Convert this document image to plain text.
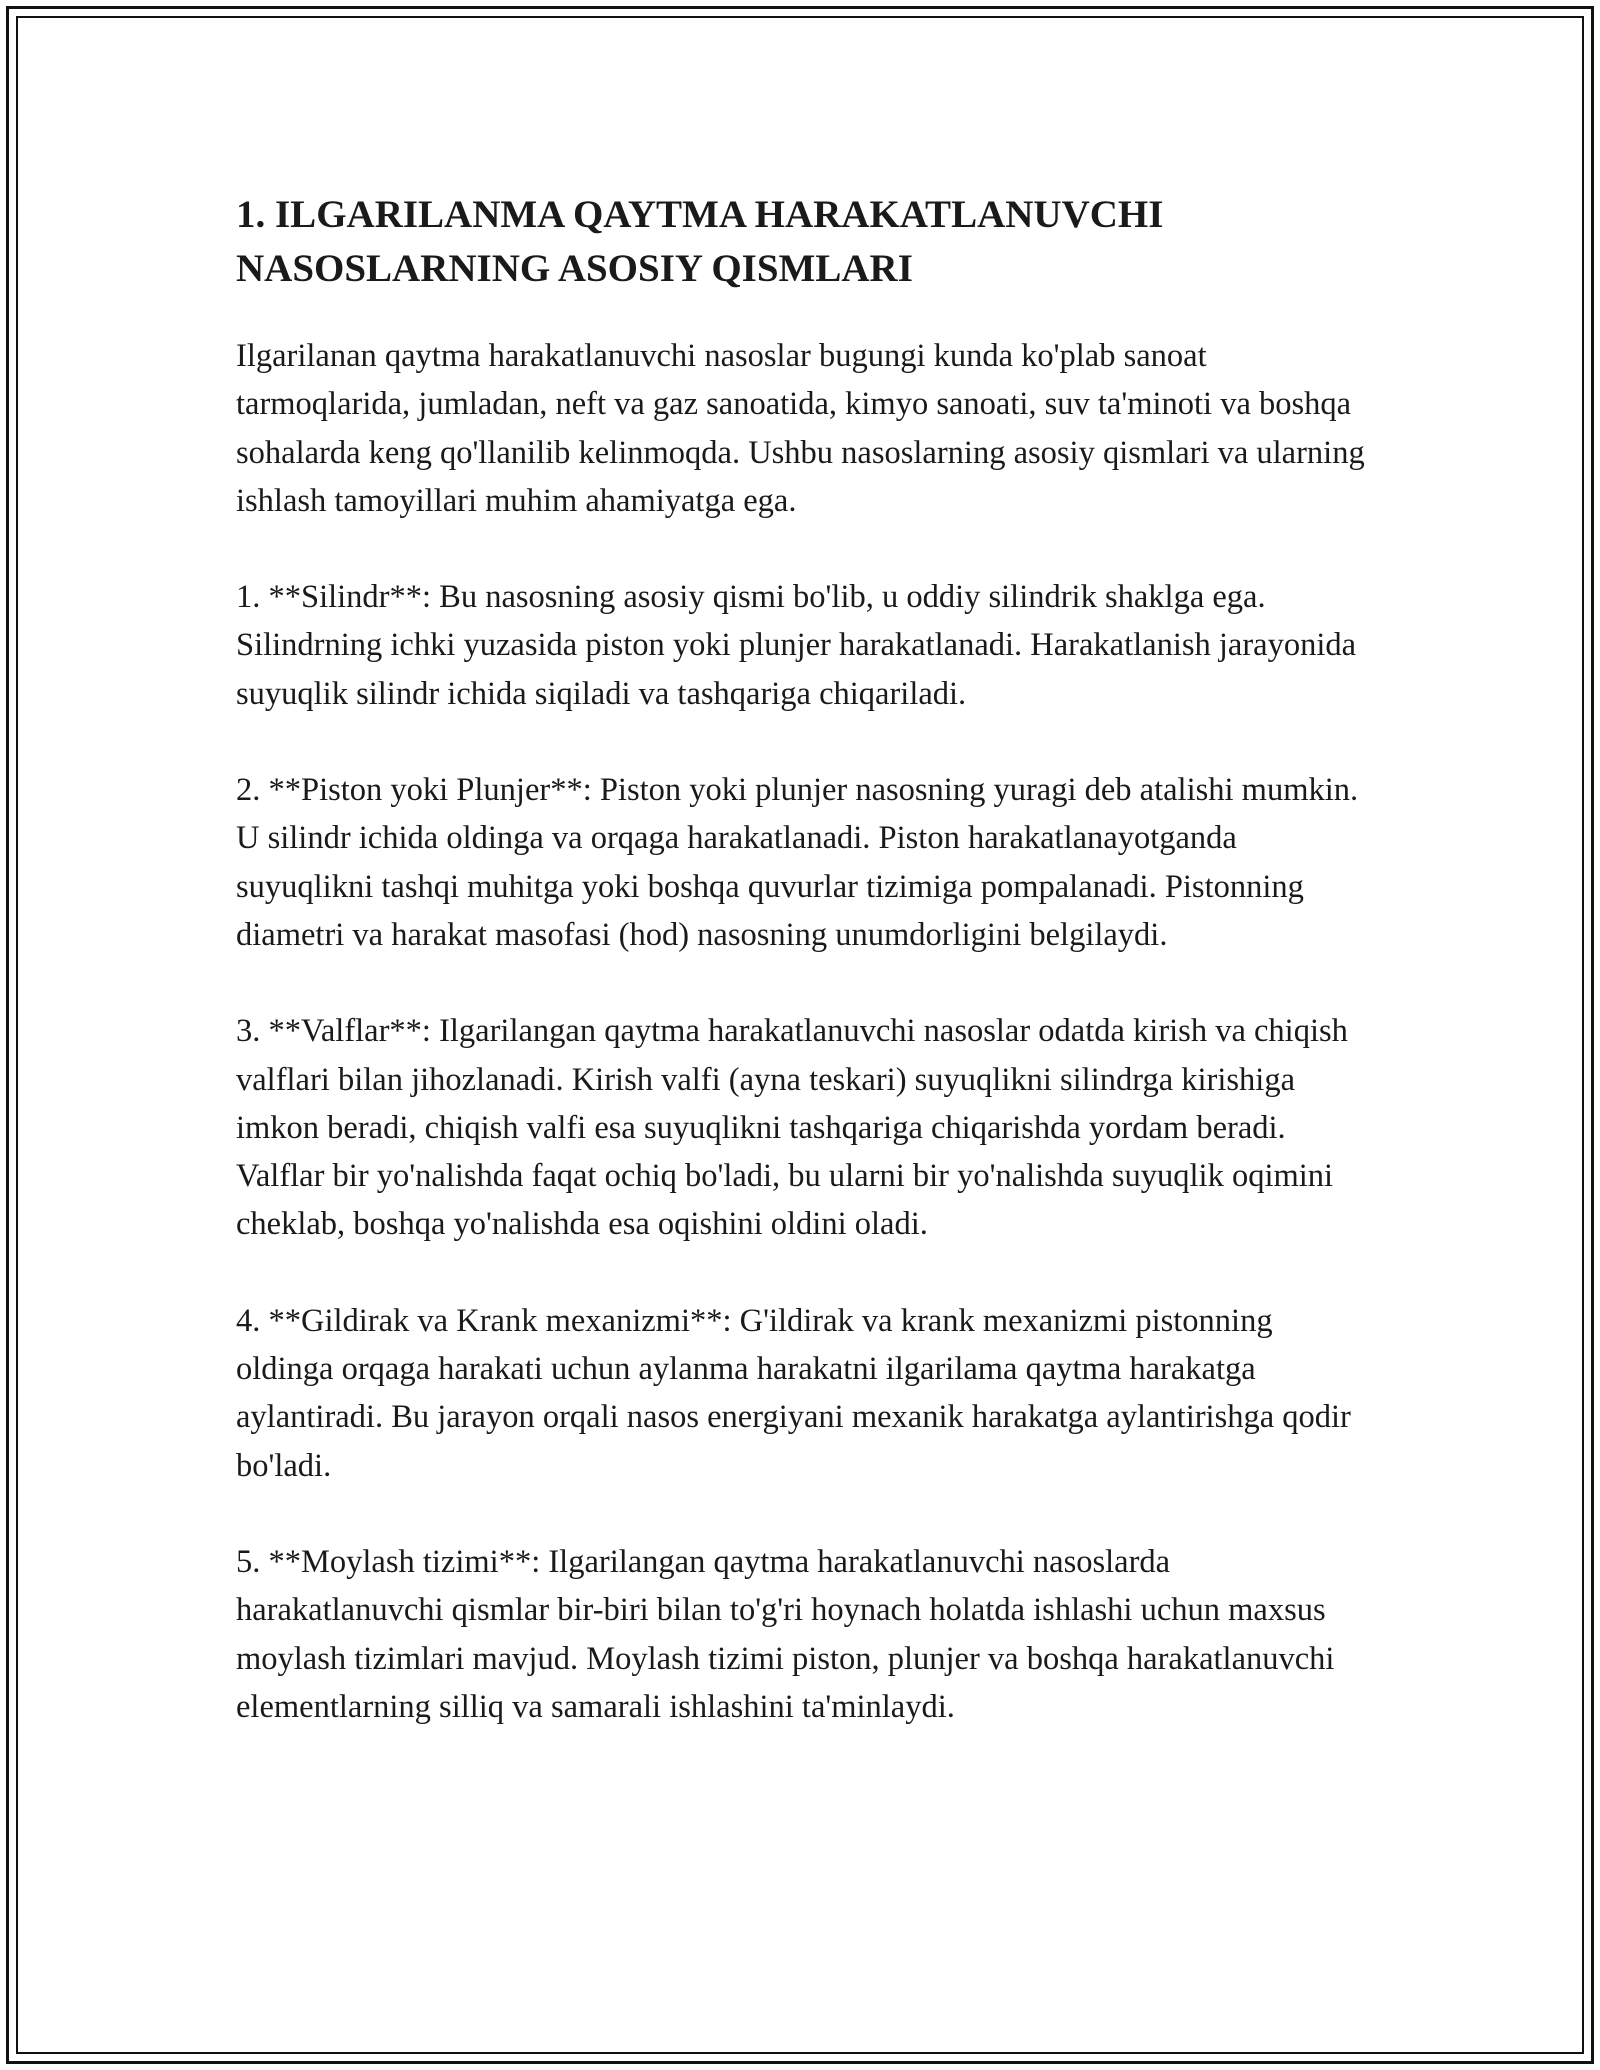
1. ILGARILANMA QAYTMA HARAKATLANUVCHI
NASOSLARNING ASOSIY QISMLARI

Ilgarilanan qaytma harakatlanuvchi nasoslar bugungi kunda ko'plab sanoat tarmoqlarida, jumladan, neft va gaz sanoatida, kimyo sanoati, suv ta'minoti va boshqa sohalarda keng qo'llanilib kelinmoqda. Ushbu nasoslarning asosiy qismlari va ularning ishlash tamoyillari muhim ahamiyatga ega.

1. **Silindr**: Bu nasosning asosiy qismi bo'lib, u oddiy silindrik shaklga ega. Silindrning ichki yuzasida piston yoki plunjer harakatlanadi. Harakatlanish jarayonida suyuqlik silindr ichida siqiladi va tashqariga chiqariladi.

2. **Piston yoki Plunjer**: Piston yoki plunjer nasosning yuragi deb atalishi mumkin. U silindr ichida oldinga va orqaga harakatlanadi. Piston harakatlanayotganda suyuqlikni tashqi muhitga yoki boshqa quvurlar tizimiga pompalanadi. Pistonning diametri va harakat masofasi (hod) nasosning unumdorligini belgilaydi.

3. **Valflar**: Ilgarilangan qaytma harakatlanuvchi nasoslar odatda kirish va chiqish valflari bilan jihozlanadi. Kirish valfi (ayna teskari) suyuqlikni silindrga kirishiga imkon beradi, chiqish valfi esa suyuqlikni tashqariga chiqarishda yordam beradi. Valflar bir yo'nalishda faqat ochiq bo'ladi, bu ularni bir yo'nalishda suyuqlik oqimini cheklab, boshqa yo'nalishda esa oqishini oldini oladi.

4. **Gildirak va Krank mexanizmi**: G'ildirak va krank mexanizmi pistonning oldinga orqaga harakati uchun aylanma harakatni ilgarilama qaytma harakatga aylantiradi. Bu jarayon orqali nasos energiyani mexanik harakatga aylantirishga qodir bo'ladi.

5. **Moylash tizimi**: Ilgarilangan qaytma harakatlanuvchi nasoslarda harakatlanuvchi qismlar bir-biri bilan to'g'ri hoynach holatda ishlashi uchun maxsus moylash tizimlari mavjud. Moylash tizimi piston, plunjer va boshqa harakatlanuvchi elementlarning silliq va samarali ishlashini ta'minlaydi.
